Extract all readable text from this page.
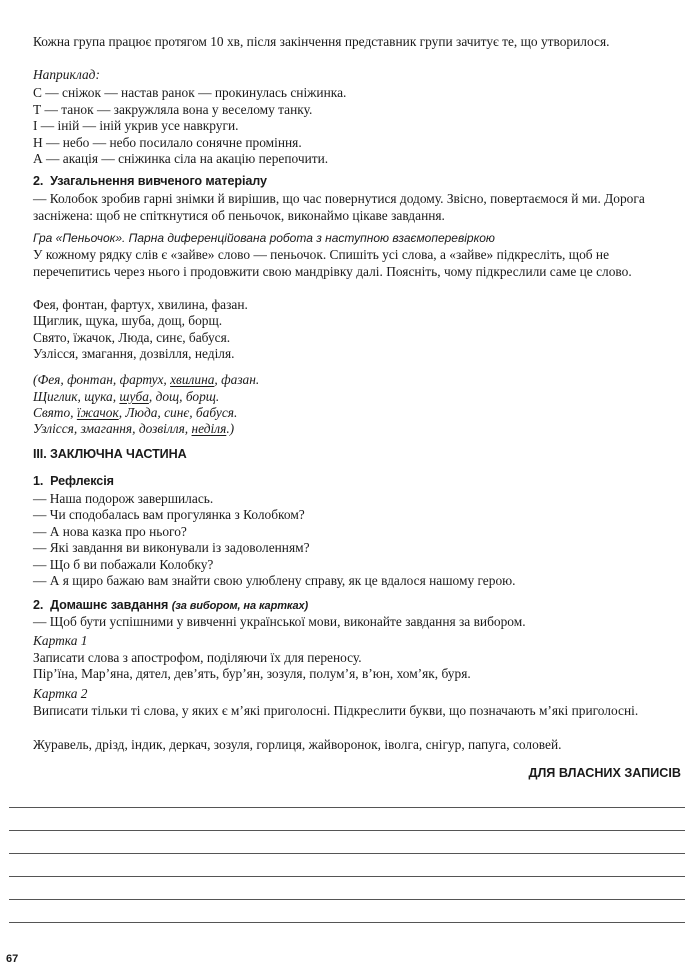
Кожна група працює протягом 10 хв, після закінчення представник групи зачитує те, що утворилося.
Наприклад:
С — сніжок — настав ранок — прокинулась сніжинка.
Т — танок — закружляла вона у веселому танку.
І — іній — іній укрив усе навкруги.
Н — небо — небо посилало сонячне проміння.
А — акація — сніжинка сіла на акацію перепочити.
2. Узагальнення вивченого матеріалу
— Колобок зробив гарні знімки й вирішив, що час повернутися додому. Звісно, повертаємося й ми. Дорога засніжена: щоб не спіткнутися об пеньочок, виконаймо цікаве завдання.
Гра «Пеньочок». Парна диференційована робота з наступною взаємоперевіркою
У кожному рядку слів є «зайве» слово — пеньочок. Спишіть усі слова, а «зайве» підкресліть, щоб не перечепитись через нього і продовжити свою мандрівку далі. Поясніть, чому підкреслили саме це слово.
Фея, фонтан, фартух, хвилина, фазан.
Щиглик, щука, шуба, дощ, борщ.
Свято, їжачок, Люда, синє, бабуся.
Узлісся, змагання, дозвілля, неділя.
(Фея, фонтан, фартух, хвилина, фазан.
Щиглик, щука, шуба, дощ, борщ.
Свято, їжачок, Люда, синє, бабуся.
Узлісся, змагання, дозвілля, неділя.)
III. ЗАКЛЮЧНА ЧАСТИНА
1. Рефлексія
— Наша подорож завершилась.
— Чи сподобалась вам прогулянка з Колобком?
— А нова казка про нього?
— Які завдання ви виконували із задоволенням?
— Що б ви побажали Колобку?
— А я щиро бажаю вам знайти свою улюблену справу, як це вдалося нашому герою.
2. Домашнє завдання (за вибором, на картках)
— Щоб бути успішними у вивченні української мови, виконайте завдання за вибором.
Картка 1
Записати слова з апострофом, поділяючи їх для переносу.
Пір’їна, Мар’яна, дятел, дев’ять, бур’ян, зозуля, полум’я, в’юн, хом’як, буря.
Картка 2
Виписати тільки ті слова, у яких є м’які приголосні. Підкреслити букви, що позначають м’які приголосні.
Журавель, дрізд, індик, деркач, зозуля, горлиця, жайворонок, іволга, снігур, папуга, соловей.
ДЛЯ ВЛАСНИХ ЗАПИСІВ
67
